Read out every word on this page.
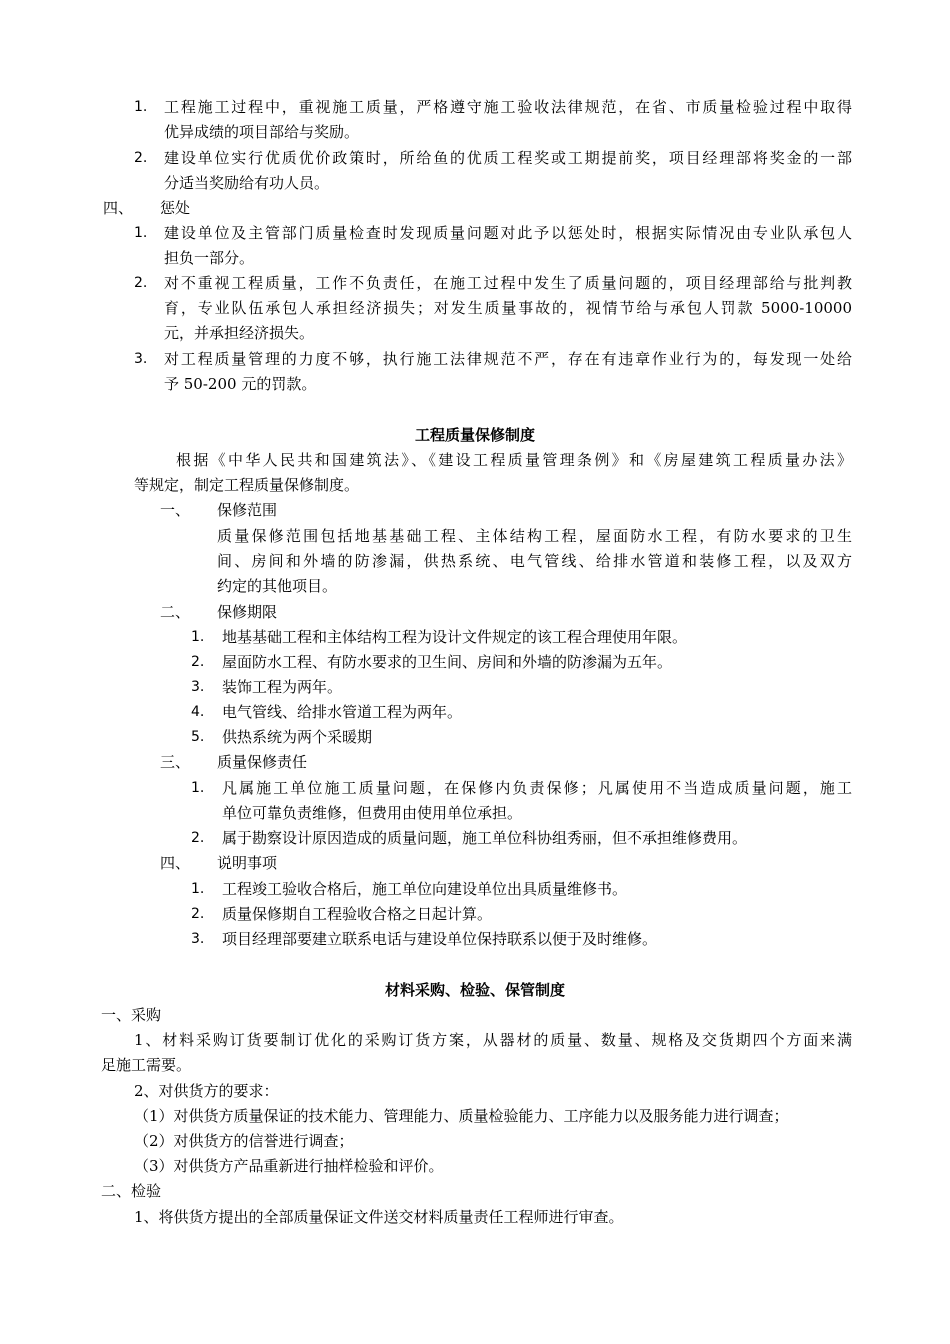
1. 工程施工过程中，重视施工质量，严格遵守施工验收法律规范，在省、市质量检验过程中取得
优异成绩的项目部给与奖励。
2. 建设单位实行优质优价政策时，所给鱼的优质工程奖或工期提前奖，项目经理部将奖金的一部
分适当奖励给有功人员。
四、 惩处
1. 建设单位及主管部门质量检查时发现质量问题对此予以惩处时，根据实际情况由专业队承包人
担负一部分。
2. 对不重视工程质量，工作不负责任，在施工过程中发生了质量问题的，项目经理部给与批判教
育，专业队伍承包人承担经济损失；对发生质量事故的，视情节给与承包人罚款 5000-10000
元，并承担经济损失。
3. 对工程质量管理的力度不够，执行施工法律规范不严，存在有违章作业行为的，每发现一处给
予 50-200 元的罚款。
工程质量保修制度
根据《中华人民共和国建筑法》、《建设工程质量管理条例》和《房屋建筑工程质量办法》
等规定，制定工程质量保修制度。
一、 保修范围
质量保修范围包括地基基础工程、主体结构工程，屋面防水工程，有防水要求的卫生
间、房间和外墙的防渗漏，供热系统、电气管线、给排水管道和装修工程，以及双方
约定的其他项目。
二、 保修期限
1. 地基基础工程和主体结构工程为设计文件规定的该工程合理使用年限。
2. 屋面防水工程、有防水要求的卫生间、房间和外墙的防渗漏为五年。
3. 装饰工程为两年。
4. 电气管线、给排水管道工程为两年。
5. 供热系统为两个采暖期
三、 质量保修责任
1. 凡属施工单位施工质量问题，在保修内负责保修；凡属使用不当造成质量问题，施工
单位可靠负责维修，但费用由使用单位承担。
2. 属于勘察设计原因造成的质量问题，施工单位科协组秀丽，但不承担维修费用。
四、 说明事项
1. 工程竣工验收合格后，施工单位向建设单位出具质量维修书。
2. 质量保修期自工程验收合格之日起计算。
3. 项目经理部要建立联系电话与建设单位保持联系以便于及时维修。
材料采购、检验、保管制度
一、采购
1、材料采购订货要制订优化的采购订货方案，从器材的质量、数量、规格及交货期四个方面来满
足施工需要。
2、对供货方的要求：
（1）对供货方质量保证的技术能力、管理能力、质量检验能力、工序能力以及服务能力进行调查；
（2）对供货方的信誉进行调查；
（3）对供货方产品重新进行抽样检验和评价。
二、检验
1、将供货方提出的全部质量保证文件送交材料质量责任工程师进行审查。
